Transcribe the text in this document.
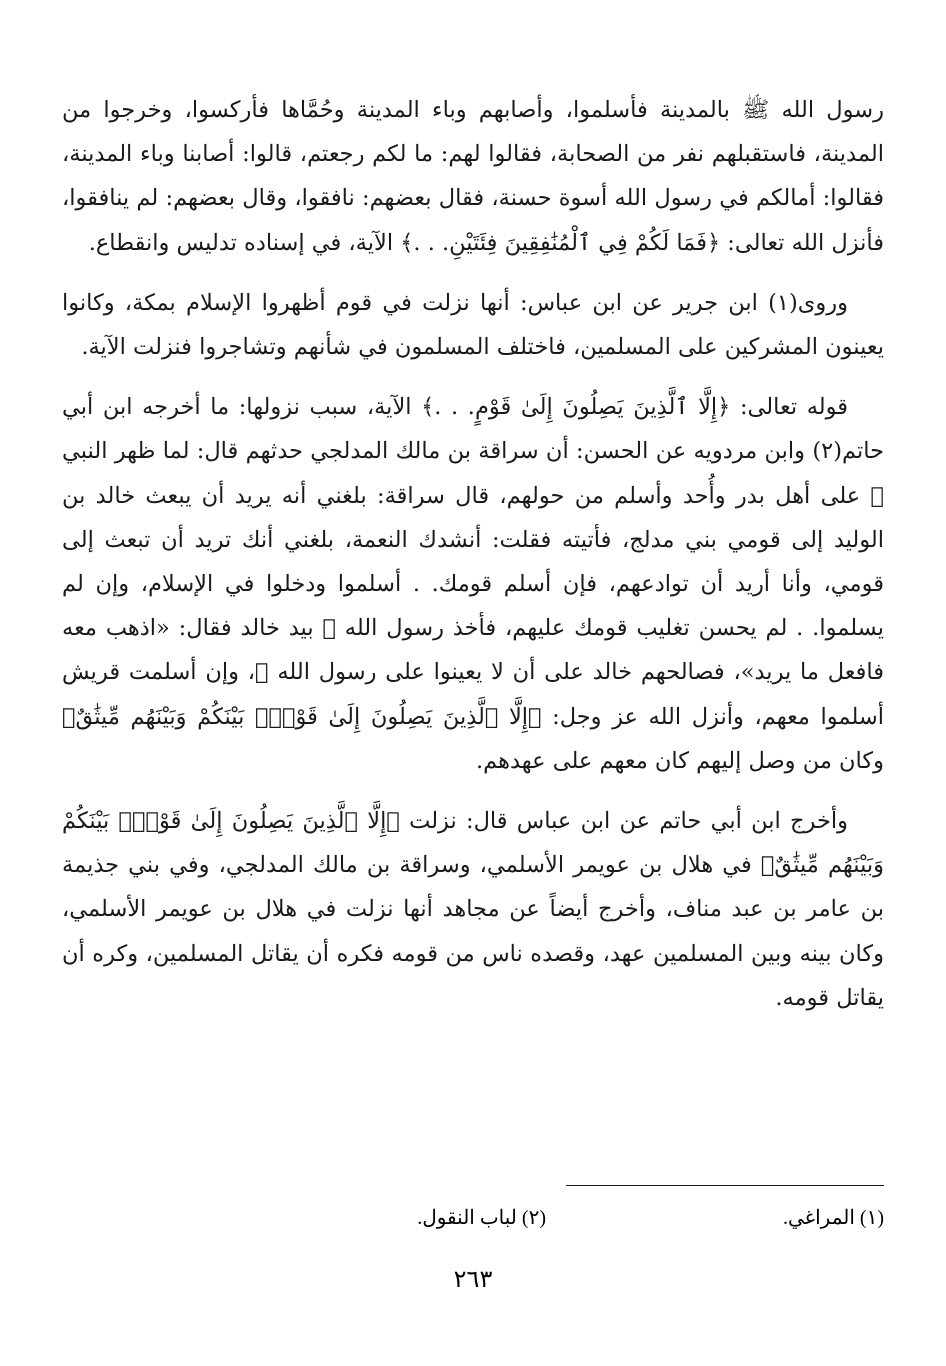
رسول الله ﷺ بالمدينة فأسلموا، وأصابهم وباء المدينة وحُمَّاها فأركسوا، وخرجوا من المدينة، فاستقبلهم نفر من الصحابة، فقالوا لهم: ما لكم رجعتم، قالوا: أصابنا وباء المدينة، فقالوا: أمالكم في رسول الله أسوة حسنة، فقال بعضهم: نافقوا، وقال بعضهم: لم ينافقوا، فأنزل الله تعالى: ﴿فَمَا لَكُمْ فِي ٱلْمُنَٰفِقِينَ فِئَتَيْنِ. . .﴾ الآية، في إسناده تدليس وانقطاع.

وروى(١) ابن جرير عن ابن عباس: أنها نزلت في قوم أظهروا الإسلام بمكة، وكانوا يعينون المشركين على المسلمين، فاختلف المسلمون في شأنهم وتشاجروا فنزلت الآية.

قوله تعالى: ﴿إِلَّا ٱلَّذِينَ يَصِلُونَ إِلَىٰ قَوْمٍ. . .﴾ الآية، سبب نزولها: ما أخرجه ابن أبي حاتم(٢) وابن مردويه عن الحسن: أن سراقة بن مالك المدلجي حدثهم قال: لما ظهر النبي ﷺ على أهل بدر وأُحد وأسلم من حولهم، قال سراقة: بلغني أنه يريد أن يبعث خالد بن الوليد إلى قومي بني مدلج، فأتيته فقلت: أنشدك النعمة، بلغني أنك تريد أن تبعث إلى قومي، وأنا أريد أن توادعهم، فإن أسلم قومك. . أسلموا ودخلوا في الإسلام، وإن لم يسلموا. . لم يحسن تغليب قومك عليهم، فأخذ رسول الله ﷺ بيد خالد فقال: «اذهب معه فافعل ما يريد»، فصالحهم خالد على أن لا يعينوا على رسول الله ﷺ، وإن أسلمت قريش أسلموا معهم، وأنزل الله عز وجل: ﴿إِلَّا ٱلَّذِينَ يَصِلُونَ إِلَىٰ قَوْمٍۭ بَيْنَكُمْ وَبَيْنَهُم مِّيثَٰقٌ﴾ وكان من وصل إليهم كان معهم على عهدهم.

وأخرج ابن أبي حاتم عن ابن عباس قال: نزلت ﴿إِلَّا ٱلَّذِينَ يَصِلُونَ إِلَىٰ قَوْمٍۭ بَيْنَكُمْ وَبَيْنَهُم مِّيثَٰقٌ﴾ في هلال بن عويمر الأسلمي، وسراقة بن مالك المدلجي، وفي بني جذيمة بن عامر بن عبد مناف، وأخرج أيضاً عن مجاهد أنها نزلت في هلال بن عويمر الأسلمي، وكان بينه وبين المسلمين عهد، وقصده ناس من قومه فكره أن يقاتل المسلمين، وكره أن يقاتل قومه.

(١) المراغي.
(٢) لباب النقول.
٢٦٣
